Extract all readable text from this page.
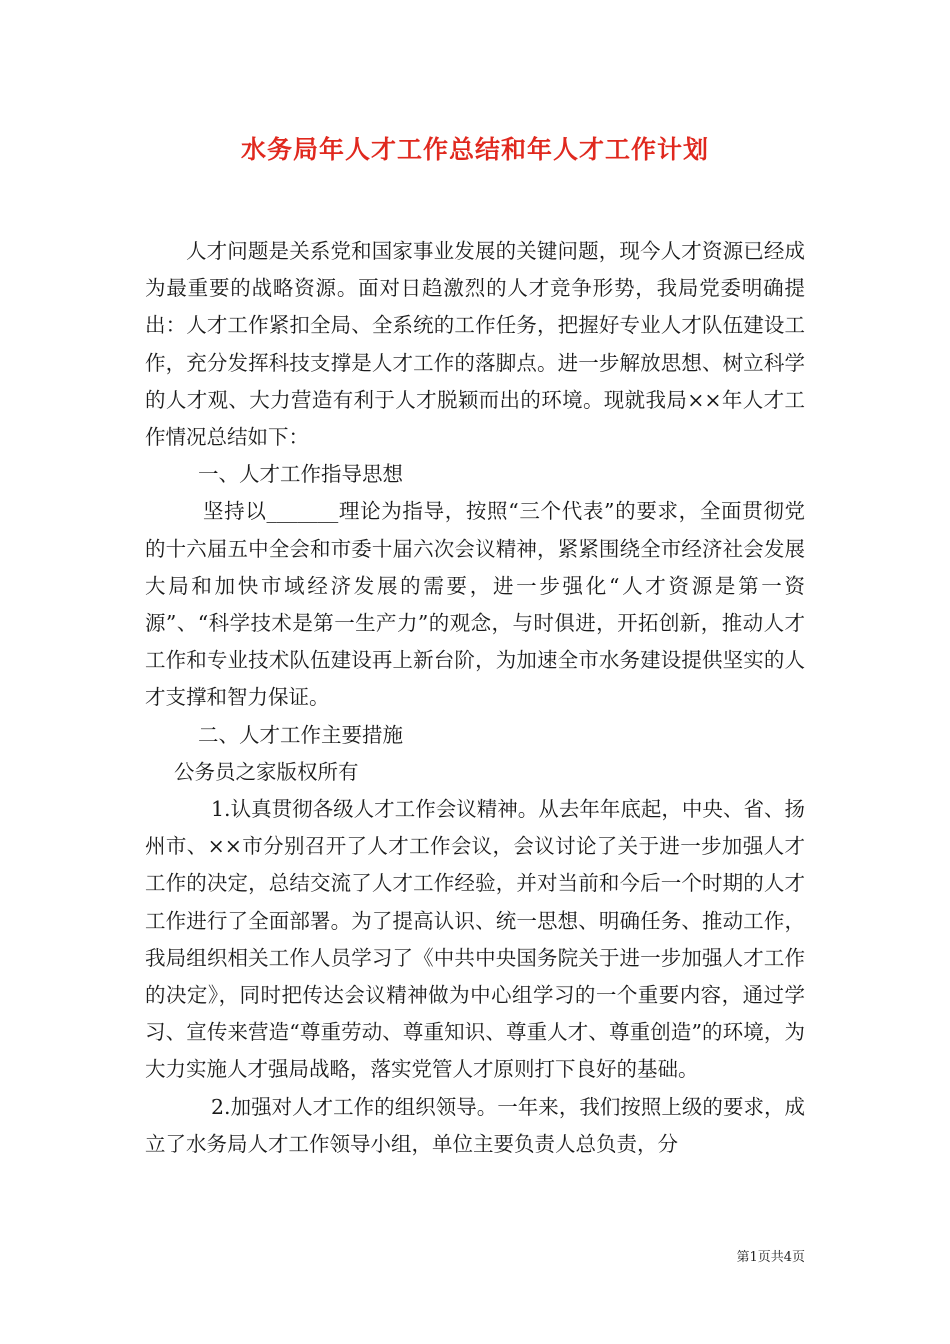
水务局年人才工作总结和年人才工作计划

人才问题是关系党和国家事业发展的关键问题，现今人才资源已经成为最重要的战略资源。面对日趋激烈的人才竞争形势，我局党委明确提出：人才工作紧扣全局、全系统的工作任务，把握好专业人才队伍建设工作，充分发挥科技支撑是人才工作的落脚点。进一步解放思想、树立科学的人才观、大力营造有利于人才脱颖而出的环境。现就我局××年人才工作情况总结如下：

一、人才工作指导思想

坚持以_______理论为指导，按照“三个代表”的要求，全面贯彻党的十六届五中全会和市委十届六次会议精神，紧紧围绕全市经济社会发展大局和加快市域经济发展的需要，进一步强化“人才资源是第一资源”、“科学技术是第一生产力”的观念，与时俱进，开拓创新，推动人才工作和专业技术队伍建设再上新台阶，为加速全市水务建设提供坚实的人才支撑和智力保证。

二、人才工作主要措施

公务员之家版权所有

1.认真贯彻各级人才工作会议精神。从去年年底起，中央、省、扬州市、××市分别召开了人才工作会议，会议讨论了关于进一步加强人才工作的决定，总结交流了人才工作经验，并对当前和今后一个时期的人才工作进行了全面部署。为了提高认识、统一思想、明确任务、推动工作，我局组织相关工作人员学习了《中共中央国务院关于进一步加强人才工作的决定》，同时把传达会议精神做为中心组学习的一个重要内容，通过学习、宣传来营造“尊重劳动、尊重知识、尊重人才、尊重创造”的环境，为大力实施人才强局战略，落实党管人才原则打下良好的基础。

2.加强对人才工作的组织领导。一年来，我们按照上级的要求，成立了水务局人才工作领导小组，单位主要负责人总负责，分

第1页共4页
